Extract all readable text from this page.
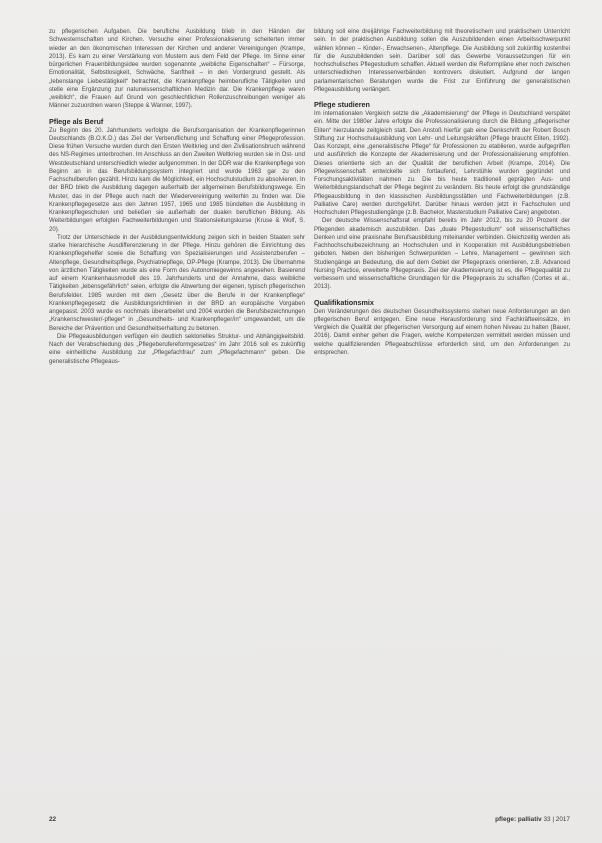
zu pflegerischen Aufgaben. Die berufliche Ausbildung blieb in den Händen der Schwesternschaften und Kirchen. Versuche einer Professionalisierung scheiterten immer wieder an den ökonomischen Interessen der Kirchen und anderer Vereinigungen (Krampe, 2013). Es kam zu einer Verstärkung von Mustern aus dem Feld der Pflege. Im Sinne einer bürgerlichen Frauenbildungsidee wurden sogenannte „weibliche Eigenschaften“ – Fürsorge, Emotionalität, Selbstlosigkeit, Schwäche, Sanftheit – in den Vordergrund gestellt. Als „lebenslange Liebestätigkeit“ betrachtet, die Krankenpflege heimberufliche Tätigkeiten und stelle eine Ergänzung zur naturwissenschaftlichen Medizin dar. Die Krankenpflege waren „weiblich“, die Frauen auf Grund von geschlechtlichen Rollenzuschreibungen weniger als Männer zuzuordnen waren (Steppe & Wanner, 1997).

Pflege als Beruf

Zu Beginn des 20. Jahrhunderts verfolgte die Berufsorganisation der Krankenpflegerinnen Deutschlands (B.O.K.D.) das Ziel der Verberuflichung und Schaffung einer Pflegeprofession. Diese frühen Versuche wurden durch den Ersten Weltkrieg und den Zivilisationsbruch während des NS-Regimes unterbrochen. Im Anschluss an den Zweiten Weltkrieg wurden sie in Ost- und Westdeutschland unterschiedlich wieder aufgenommen. In der DDR war die Krankenpflege von Beginn an in das Berufsbildungssystem integriert und wurde 1963 gar zu den Fachschulberufen gezählt. Hinzu kam die Möglichkeit, ein Hochschulstudium zu absolvieren. In der BRD blieb die Ausbildung dagegen außerhalb der allgemeinen Berufsbildungswege. Ein Muster, das in der Pflege auch nach der Wiedervereinigung weiterhin zu finden war. Die Krankenpflegegesetze aus den Jahren 1957, 1965 und 1985 bündelten die Ausbildung in Krankenpflegeschulen und beließen sie außerhalb der dualen beruflichen Bildung. Als Weiterbildungen erfolgten Fachweiterbildungen und Stationsleitungskurse (Kruse & Wolf, S. 20).

Trotz der Unterschiede in der Ausbildungsentwicklung zeigen sich in beiden Staaten sehr starke hierarchische Ausdifferenzierung in der Pflege. Hinzu gehören die Einrichtung des Krankenpflegehelfer sowie die Schaffung von Spezialisierungen und Assistenzberufen – Altenpflege, Gesundheitspflege, Psychiatriepflege, OP-Pflege (Krampe, 2013). Die Übernahme von ärztlichen Tätigkeiten wurde als eine Form des Autonomiegewinns angesehen. Basierend auf einem Krankenhausmodell des 19. Jahrhunderts und der Annahme, dass weibliche Tätigkeiten „lebensgefährlich“ seien, erfolgte die Abwertung der eigenen, typisch pflegerischen Berufsfelder. 1985 wurden mit dem „Gesetz über die Berufe in der Krankenpflege“ Krankenpflegegesetz die Ausbildungsrichtlinien in der BRD an europäische Vorgaben angepasst. 2003 wurde es nochmals überarbeitet und 2004 wurden die Berufsbezeichnungen „Krankenschwester/-pfleger“ in „Gesundheits- und Krankenpfleger/in“ umgewandelt, um die Bereiche der Prävention und Gesundheitserhaltung zu betonen.

Die Pflegeausbildungen verfügen ein deutlich sektorielles Struktur- und Abhängigkeitsbild. Nach der Verabschiedung des „Pflegeberufereformgesetzes“ im Jahr 2016 soll es zukünftig eine einheitliche Ausbildung zur „Pflegefachfrau“ zum „Pflegefachmann“ geben. Die generalistische Pflegeaus-

bildung soll eine dreijährige Fachweiterbildung mit theoretischem und praktischem Unterricht sein. In der praktischen Ausbildung sollen die Auszubildenden einen Arbeitsschwerpunkt wählen können – Kinder-, Erwachsenen-, Altenpflege. Die Ausbildung soll zukünftig kostenfrei für die Auszubildenden sein. Darüber soll das Gewerbe Voraussetzungen für ein hochschulisches Pflegestudium schaffen. Aktuell werden die Reformpläne eher noch zwischen unterschiedlichen Interessenverbänden kontrovers diskutiert. Aufgrund der langen parlamentarischen Beratungen wurde die Frist zur Einführung der generalistischen Pflegeausbildung verlängert.

Pflege studieren

Im internationalen Vergleich setzte die „Akademisierung“ der Pflege in Deutschland verspätet ein. Mitte der 1980er Jahre erfolgte die Professionalisierung durch die Bildung „pflegerischer Eliten“ hierzulande zeitgleich statt. Den Anstoß hierfür gab eine Denkschrift der Robert Bosch Stiftung zur Hochschulausbildung von Lehr- und Leitungskräften (Pflege braucht Eliten, 1992). Das Konzept, eine „generalistische Pflege“ für Professionen zu etablieren, wurde aufgegriffen und ausführlich die Konzepte der Akademisierung und der Professionalisierung empfohlen. Dieses orientierte sich an der Qualität der beruflichen Arbeit (Krampe, 2014). Die Pflegewissenschaft entwickelte sich fortlaufend, Lehrstühle wurden gegründet und Forschungsaktivitäten nahmen zu. Die bis heute traditionell geprägten Aus- und Weiterbildungslandschaft der Pflege beginnt zu verändern. Bis heute erfolgt die grundständige Pflegeausbildung in den klassischen Ausbildungsstätten und Fachweiterbildungen (z.B. Palliative Care) werden durchgeführt. Darüber hinaus werden jetzt in Fachschulen und Hochschulen Pflegestudiengänge (z.B. Bachelor, Masterstudium Palliative Care) angeboten.

Der deutsche Wissenschaftsrat empfahl bereits im Jahr 2012, bis zu 20 Prozent der Pflegenden akademisch auszubilden. Das „duale Pflegestudium“ soll wissenschaftliches Denken und eine praxisnahe Berufsausbildung miteinander verbinden. Gleichzeitig werden als Fachhochschulbezeichnung an Hochschulen und in Kooperation mit Ausbildungsbetrieben geboten. Neben den bisherigen Schwerpunkten – Lehre, Management – gewinnen sich Studiengänge an Bedeutung, die auf dem Gebiet der Pflegepraxis orientieren, z.B. Advanced Nursing Practice, erweiterte Pflegepraxis. Ziel der Akademisierung ist es, die Pflegequalität zu verbessern und wissenschaftliche Grundlagen für die Pflegepraxis zu schaffen (Cortes et al., 2013).

Qualifikationsmix

Den Veränderungen des deutschen Gesundheitssystems stehen neue Anforderungen an den pflegerischen Beruf entgegen. Eine neue Herausforderung sind Fachkräfteeinsätze, im Vergleich die Qualität der pflegerischen Versorgung auf einem hohen Niveau zu halten (Bauer, 2016). Damit einher gehen die Fragen, welche Kompetenzen vermittelt werden müssen und welche qualifizierenden Pflegeabschlüsse erforderlich sind, um den Anforderungen zu entsprechen.

22	pflege: palliativ 33 | 2017
